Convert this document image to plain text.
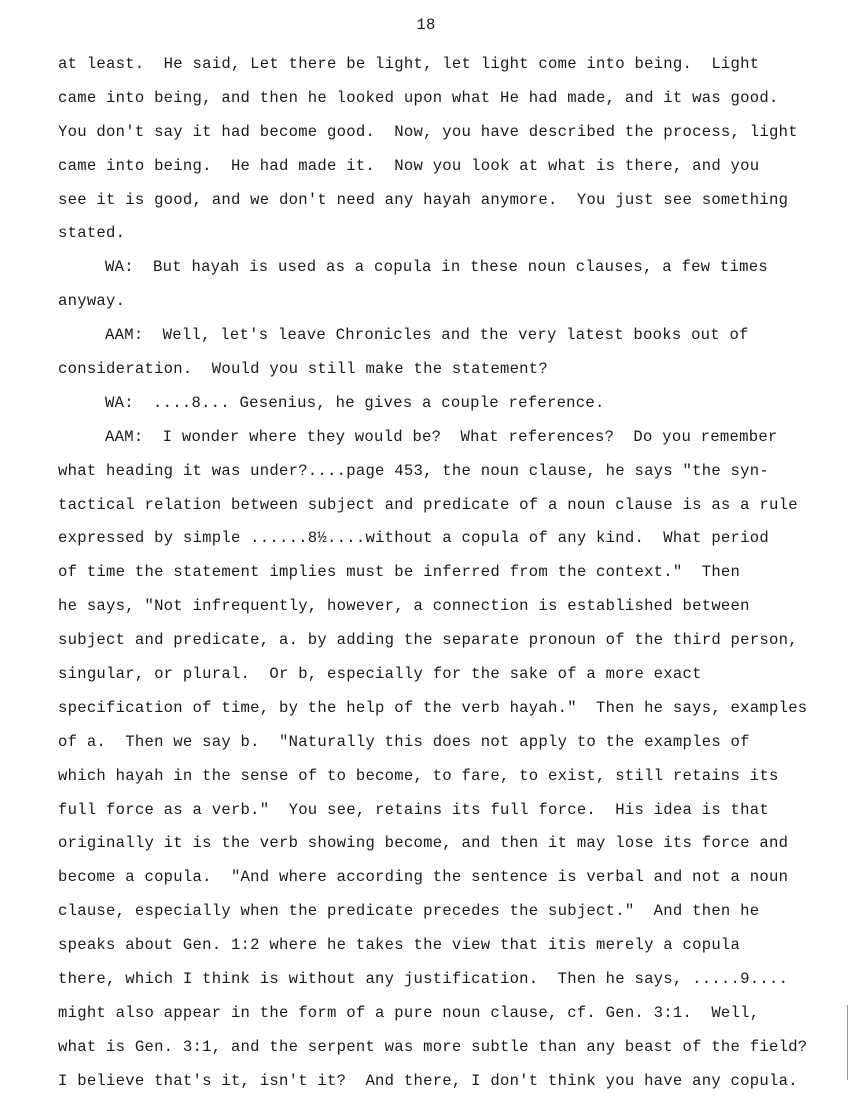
18
at least.  He said, Let there be light, let light come into being.  Light
came into being, and then he looked upon what He had made, and it was good.
You don't say it had become good.  Now, you have described the process, light
came into being.  He had made it.  Now you look at what is there, and you
see it is good, and we don't need any hayah anymore.  You just see something
stated.
WA:  But hayah is used as a copula in these noun clauses, a few times
anyway.
AAM:  Well, let's leave Chronicles and the very latest books out of
consideration.  Would you still make the statement?
WA:  ....8... Gesenius, he gives a couple reference.
AAM:  I wonder where they would be?  What references?  Do you remember
what heading it was under?....page 453, the noun clause, he says "the syn-
tactical relation between subject and predicate of a noun clause is as a rule
expressed by simple ......8½....without a copula of any kind.  What period
of time the statement implies must be inferred from the context."  Then
he says, "Not infrequently, however, a connection is established between
subject and predicate, a. by adding the separate pronoun of the third person,
singular, or plural.  Or b, especially for the sake of a more exact
specification of time, by the help of the verb hayah."  Then he says, examples
of a.  Then we say b.  "Naturally this does not apply to the examples of
which hayah in the sense of to become, to fare, to exist, still retains its
full force as a verb."  You see, retains its full force.  His idea is that
originally it is the verb showing become, and then it may lose its force and
become a copula.  "And where according the sentence is verbal and not a noun
clause, especially when the predicate precedes the subject."  And then he
speaks about Gen. 1:2 where he takes the view that itis merely a copula
there, which I think is without any justification.  Then he says, .....9....
might also appear in the form of a pure noun clause, cf. Gen. 3:1.  Well,
what is Gen. 3:1, and the serpent was more subtle than any beast of the field?
I believe that's it, isn't it?  And there, I don't think you have any copula.
